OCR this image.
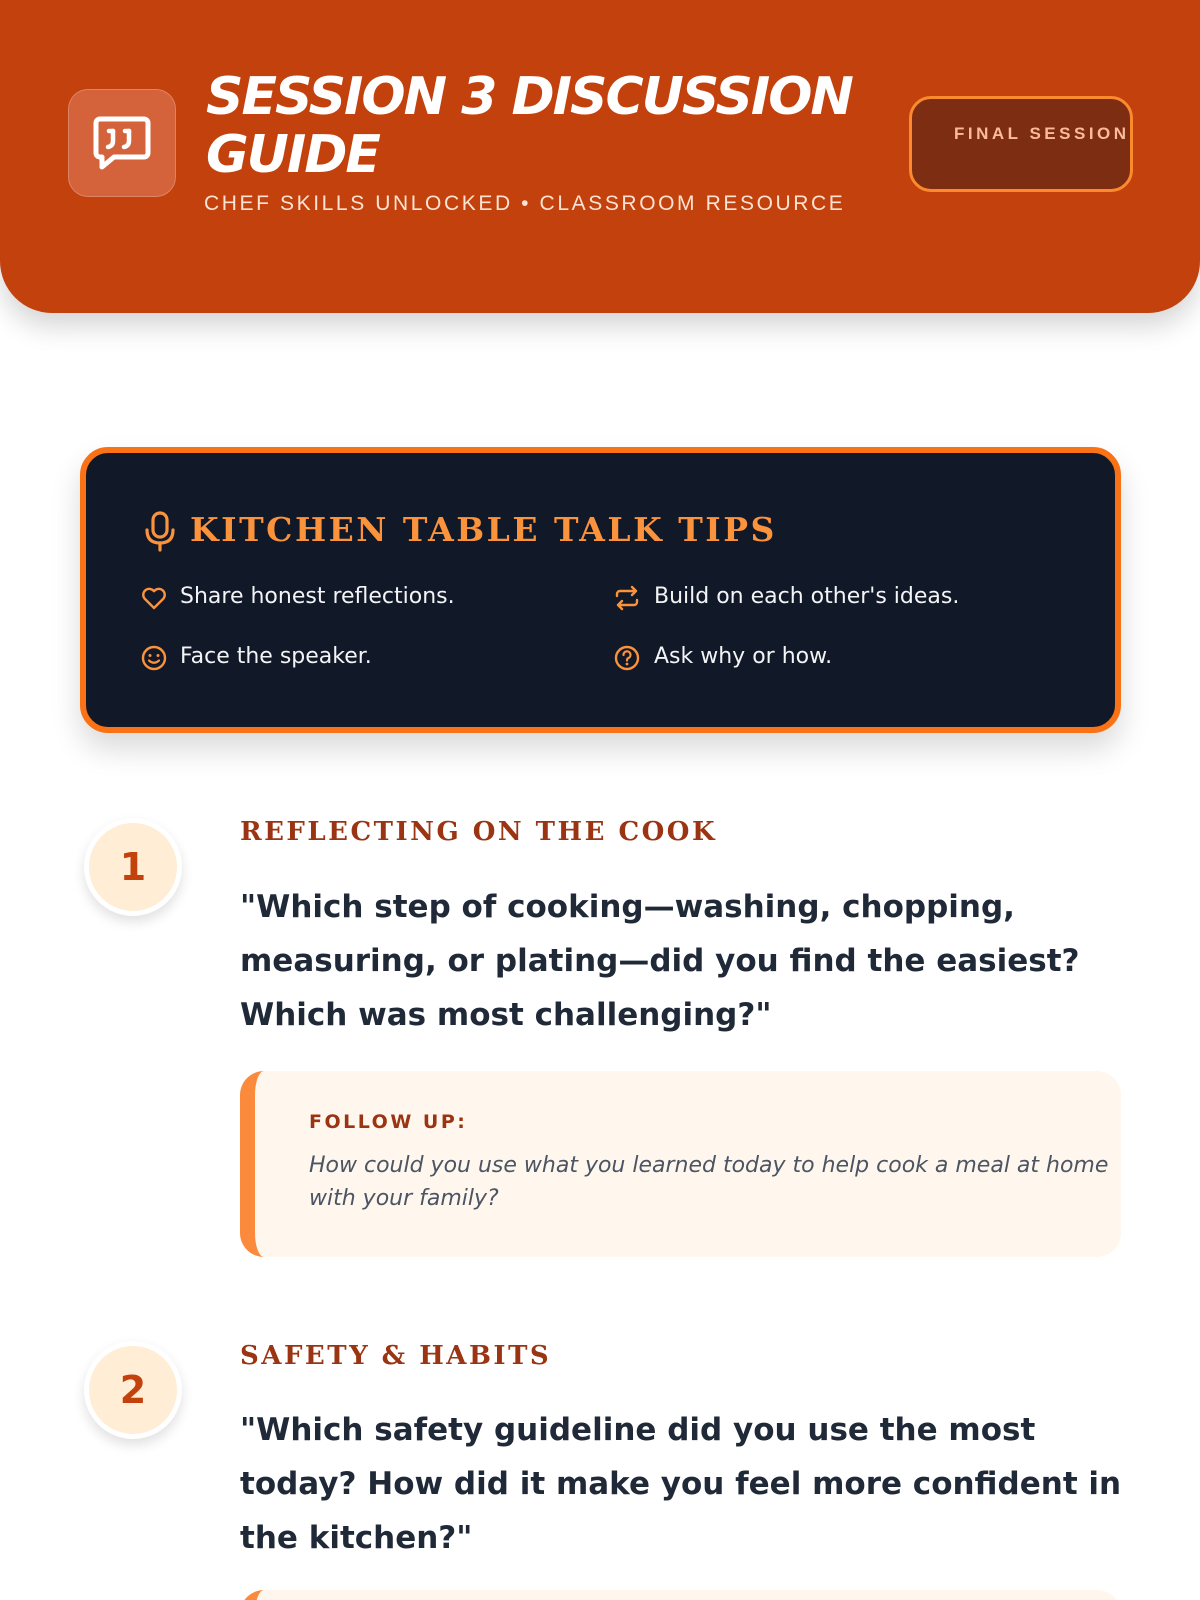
SESSION 3 DISCUSSION GUIDE
CHEF SKILLS UNLOCKED • CLASSROOM RESOURCE
FINAL SESSION
KITCHEN TABLE TALK TIPS
Share honest reflections.	Build on each other's ideas.
Face the speaker.	Ask why or how.
1
REFLECTING ON THE COOK
"Which step of cooking—washing, chopping, measuring, or plating—did you find the easiest? Which was most challenging?"
FOLLOW UP:
How could you use what you learned today to help cook a meal at home with your family?
2
SAFETY & HABITS
"Which safety guideline did you use the most today? How did it make you feel more confident in the kitchen?"
